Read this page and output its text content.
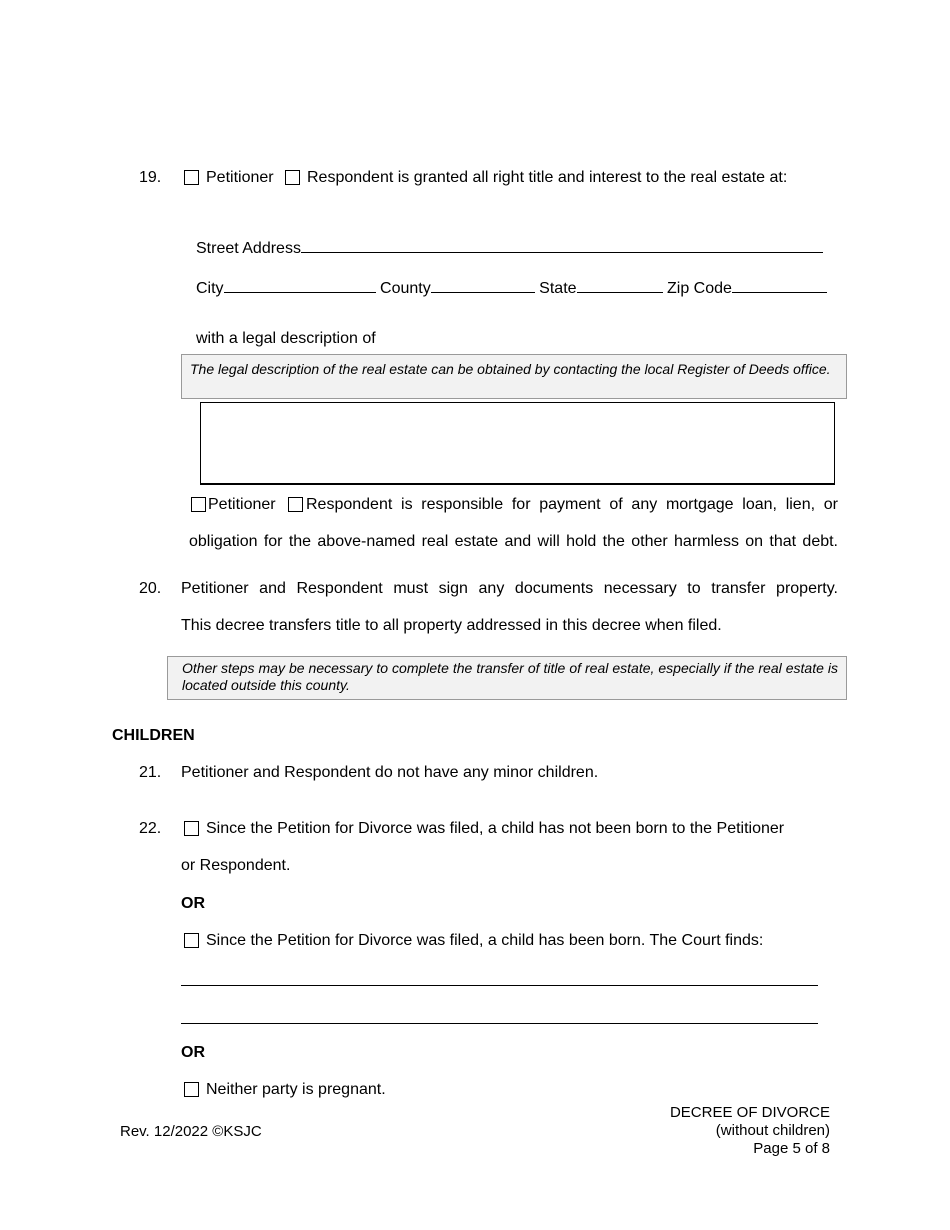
19.	Petitioner Respondent is granted all right title and interest to the real estate at:
Street Address
City	County	State	Zip Code
with a legal description of
The legal description of the real estate can be obtained by contacting the local Register of Deeds office.
Petitioner Respondent is responsible for payment of any mortgage loan, lien, or
obligation for the above-named real estate and will hold the other harmless on that debt.
20. Petitioner and Respondent must sign any documents necessary to transfer property.
This decree transfers title to all property addressed in this decree when filed.
Other steps may be necessary to complete the transfer of title of real estate, especially if the real estate is located outside this county.
CHILDREN
21. Petitioner and Respondent do not have any minor children.
22.	Since the Petition for Divorce was filed, a child has not been born to the Petitioner
or Respondent.
OR
Since the Petition for Divorce was filed, a child has been born. The Court finds:
OR
Neither party is pregnant.
Rev. 12/2022 ©KSJC
DECREE OF DIVORCE
(without children)
Page 5 of 8
